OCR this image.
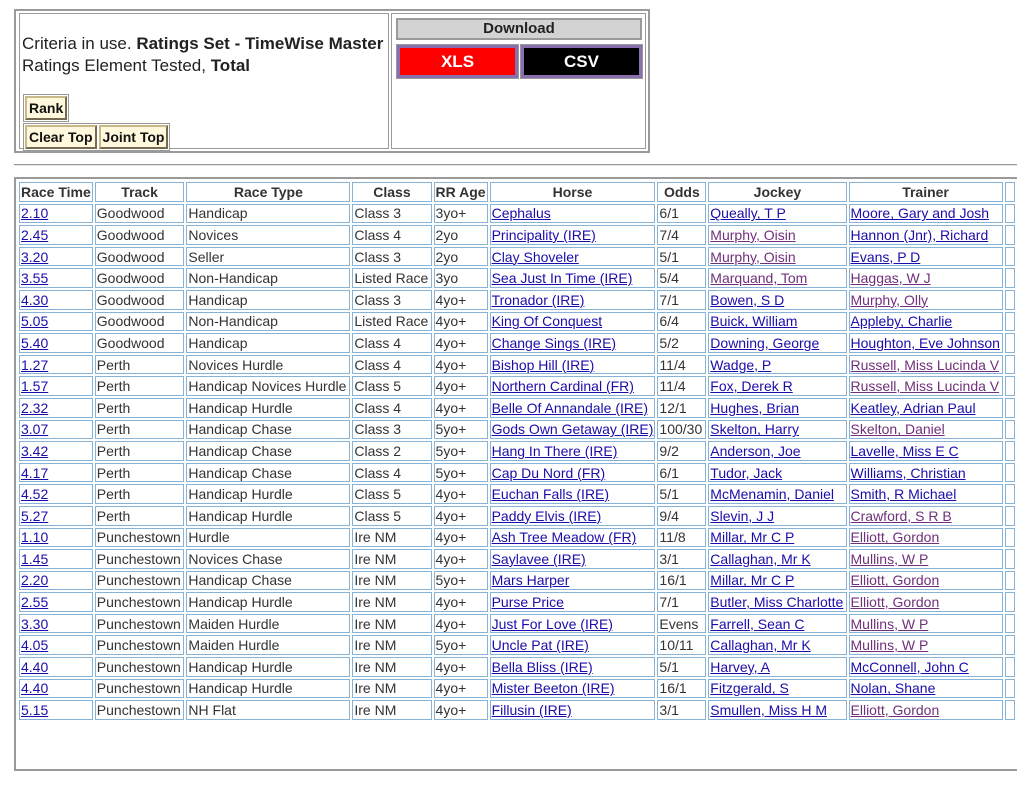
Criteria in use. Ratings Set - TimeWise Master
Ratings Element Tested, Total
Rank
Clear Top Joint Top
Download
XLS	CSV
Race Time	Track	Race Type	Class	RR Age	Horse	Odds	Jockey	Trainer	
2.10	Goodwood	Handicap	Class 3	3yo+	Cephalus	6/1	Queally, T P	Moore, Gary and Josh	
2.45	Goodwood	Novices	Class 4	2yo	Principality (IRE)	7/4	Murphy, Oisin	Hannon (Jnr), Richard	
3.20	Goodwood	Seller	Class 3	2yo	Clay Shoveler	5/1	Murphy, Oisin	Evans, P D	
3.55	Goodwood	Non-Handicap	Listed Race	3yo	Sea Just In Time (IRE)	5/4	Marquand, Tom	Haggas, W J	
4.30	Goodwood	Handicap	Class 3	4yo+	Tronador (IRE)	7/1	Bowen, S D	Murphy, Olly	
5.05	Goodwood	Non-Handicap	Listed Race	4yo+	King Of Conquest	6/4	Buick, William	Appleby, Charlie	
5.40	Goodwood	Handicap	Class 4	4yo+	Change Sings (IRE)	5/2	Downing, George	Houghton, Eve Johnson	
1.27	Perth	Novices Hurdle	Class 4	4yo+	Bishop Hill (IRE)	11/4	Wadge, P	Russell, Miss Lucinda V	
1.57	Perth	Handicap Novices Hurdle	Class 5	4yo+	Northern Cardinal (FR)	11/4	Fox, Derek R	Russell, Miss Lucinda V	
2.32	Perth	Handicap Hurdle	Class 4	4yo+	Belle Of Annandale (IRE)	12/1	Hughes, Brian	Keatley, Adrian Paul	
3.07	Perth	Handicap Chase	Class 3	5yo+	Gods Own Getaway (IRE)	100/30	Skelton, Harry	Skelton, Daniel	
3.42	Perth	Handicap Chase	Class 2	5yo+	Hang In There (IRE)	9/2	Anderson, Joe	Lavelle, Miss E C	
4.17	Perth	Handicap Chase	Class 4	5yo+	Cap Du Nord (FR)	6/1	Tudor, Jack	Williams, Christian	
4.52	Perth	Handicap Hurdle	Class 5	4yo+	Euchan Falls (IRE)	5/1	McMenamin, Daniel	Smith, R Michael	
5.27	Perth	Handicap Hurdle	Class 5	4yo+	Paddy Elvis (IRE)	9/4	Slevin, J J	Crawford, S R B	
1.10	Punchestown	Hurdle	Ire NM	4yo+	Ash Tree Meadow (FR)	11/8	Millar, Mr C P	Elliott, Gordon	
1.45	Punchestown	Novices Chase	Ire NM	4yo+	Saylavee (IRE)	3/1	Callaghan, Mr K	Mullins, W P	
2.20	Punchestown	Handicap Chase	Ire NM	5yo+	Mars Harper	16/1	Millar, Mr C P	Elliott, Gordon	
2.55	Punchestown	Handicap Hurdle	Ire NM	4yo+	Purse Price	7/1	Butler, Miss Charlotte	Elliott, Gordon	
3.30	Punchestown	Maiden Hurdle	Ire NM	4yo+	Just For Love (IRE)	Evens	Farrell, Sean C	Mullins, W P	
4.05	Punchestown	Maiden Hurdle	Ire NM	5yo+	Uncle Pat (IRE)	10/11	Callaghan, Mr K	Mullins, W P	
4.40	Punchestown	Handicap Hurdle	Ire NM	4yo+	Bella Bliss (IRE)	5/1	Harvey, A	McConnell, John C	
4.40	Punchestown	Handicap Hurdle	Ire NM	4yo+	Mister Beeton (IRE)	16/1	Fitzgerald, S	Nolan, Shane	
5.15	Punchestown	NH Flat	Ire NM	4yo+	Fillusin (IRE)	3/1	Smullen, Miss H M	Elliott, Gordon	
